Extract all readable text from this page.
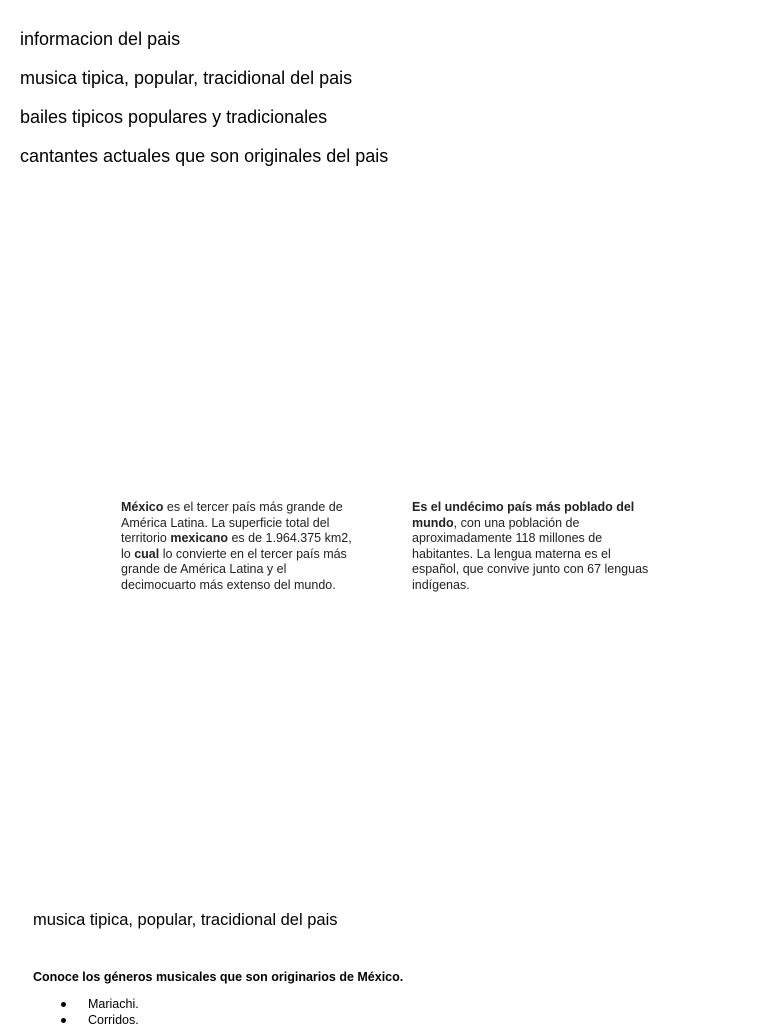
informacion del pais
musica tipica, popular, tracidional del pais
bailes tipicos populares y tradicionales
cantantes actuales que son originales del pais
México es el tercer país más grande de América Latina. La superficie total del territorio mexicano es de 1.964.375 km2, lo cual lo convierte en el tercer país más grande de América Latina y el decimocuarto más extenso del mundo.
Es el undécimo país más poblado del mundo, con una población de aproximadamente 118 millones de habitantes. La lengua materna es el español, que convive junto con 67 lenguas indígenas.
musica tipica, popular, tracidional del pais
Conoce los géneros musicales que son originarios de México.
Mariachi.
Corridos.
